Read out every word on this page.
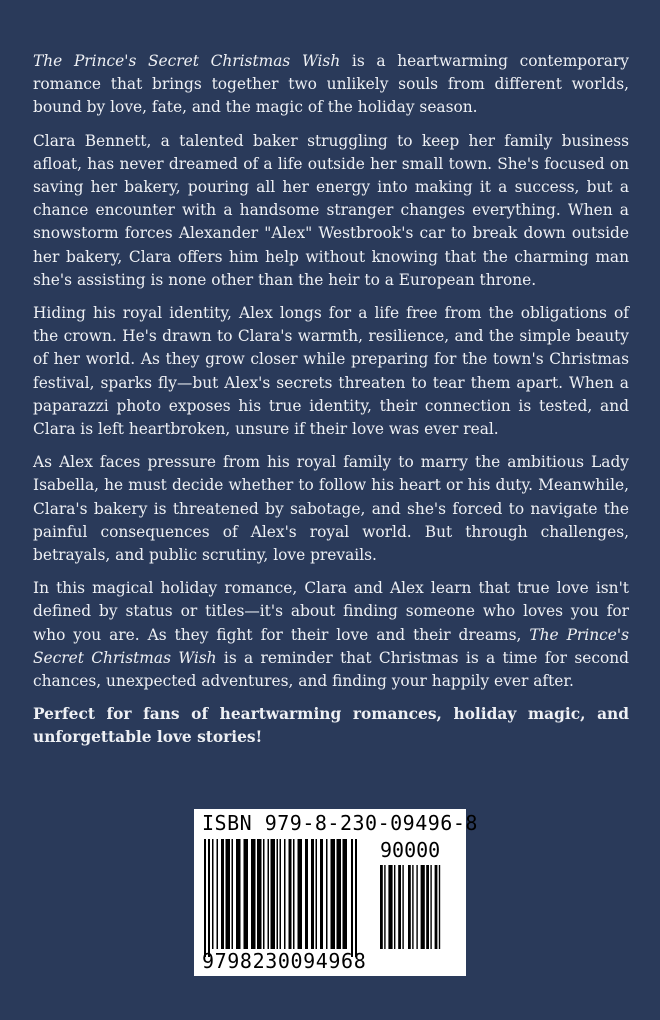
The Prince's Secret Christmas Wish is a heartwarming contemporary romance that brings together two unlikely souls from different worlds, bound by love, fate, and the magic of the holiday season.

Clara Bennett, a talented baker struggling to keep her family business afloat, has never dreamed of a life outside her small town. She's focused on saving her bakery, pouring all her energy into making it a success, but a chance encounter with a handsome stranger changes everything. When a snowstorm forces Alexander "Alex" Westbrook's car to break down outside her bakery, Clara offers him help without knowing that the charming man she's assisting is none other than the heir to a European throne.

Hiding his royal identity, Alex longs for a life free from the obligations of the crown. He's drawn to Clara's warmth, resilience, and the simple beauty of her world. As they grow closer while preparing for the town's Christmas festival, sparks fly—but Alex's secrets threaten to tear them apart. When a paparazzi photo exposes his true identity, their connection is tested, and Clara is left heartbroken, unsure if their love was ever real.

As Alex faces pressure from his royal family to marry the ambitious Lady Isabella, he must decide whether to follow his heart or his duty. Meanwhile, Clara's bakery is threatened by sabotage, and she's forced to navigate the painful consequences of Alex's royal world. But through challenges, betrayals, and public scrutiny, love prevails.

In this magical holiday romance, Clara and Alex learn that true love isn't defined by status or titles—it's about finding someone who loves you for who you are. As they fight for their love and their dreams, The Prince's Secret Christmas Wish is a reminder that Christmas is a time for second chances, unexpected adventures, and finding your happily ever after.

Perfect for fans of heartwarming romances, holiday magic, and unforgettable love stories!

ISBN 979-8-230-09496-8
90000
9798230094968
